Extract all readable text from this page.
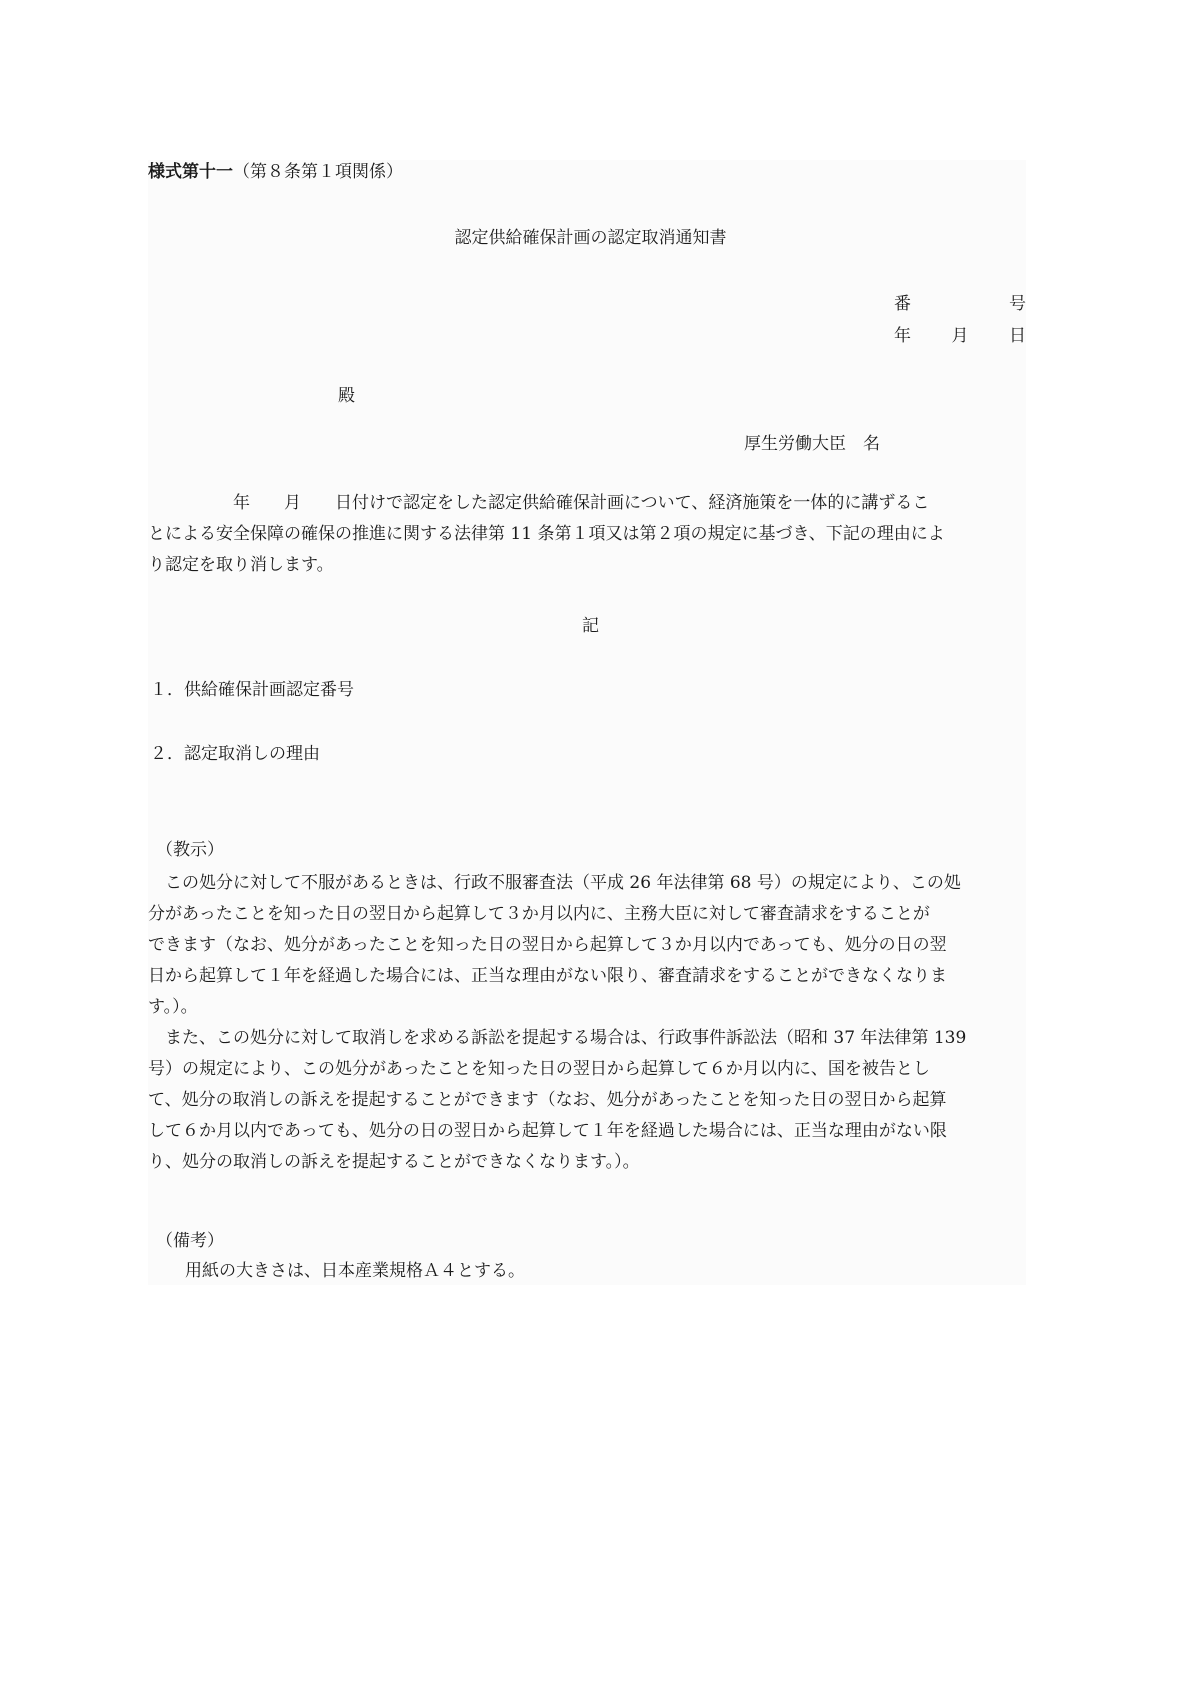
様式第十一（第８条第１項関係）
認定供給確保計画の認定取消通知書
番	号
年 月 日
殿
厚生労働大臣　名
　　　　　年　　月　　日付けで認定をした認定供給確保計画について、経済施策を一体的に講ずるこ
とによる安全保障の確保の推進に関する法律第 11 条第１項又は第２項の規定に基づき、下記の理由によ
り認定を取り消します。
記
１．供給確保計画認定番号
２．認定取消しの理由
（教示）
　この処分に対して不服があるときは、行政不服審査法（平成 26 年法律第 68 号）の規定により、この処
分があったことを知った日の翌日から起算して３か月以内に、主務大臣に対して審査請求をすることが
できます（なお、処分があったことを知った日の翌日から起算して３か月以内であっても、処分の日の翌
日から起算して１年を経過した場合には、正当な理由がない限り、審査請求をすることができなくなりま
す。）。
　また、この処分に対して取消しを求める訴訟を提起する場合は、行政事件訴訟法（昭和 37 年法律第 139
号）の規定により、この処分があったことを知った日の翌日から起算して６か月以内に、国を被告とし
て、処分の取消しの訴えを提起することができます（なお、処分があったことを知った日の翌日から起算
して６か月以内であっても、処分の日の翌日から起算して１年を経過した場合には、正当な理由がない限
り、処分の取消しの訴えを提起することができなくなります。）。
（備考）
　用紙の大きさは、日本産業規格Ａ４とする。
